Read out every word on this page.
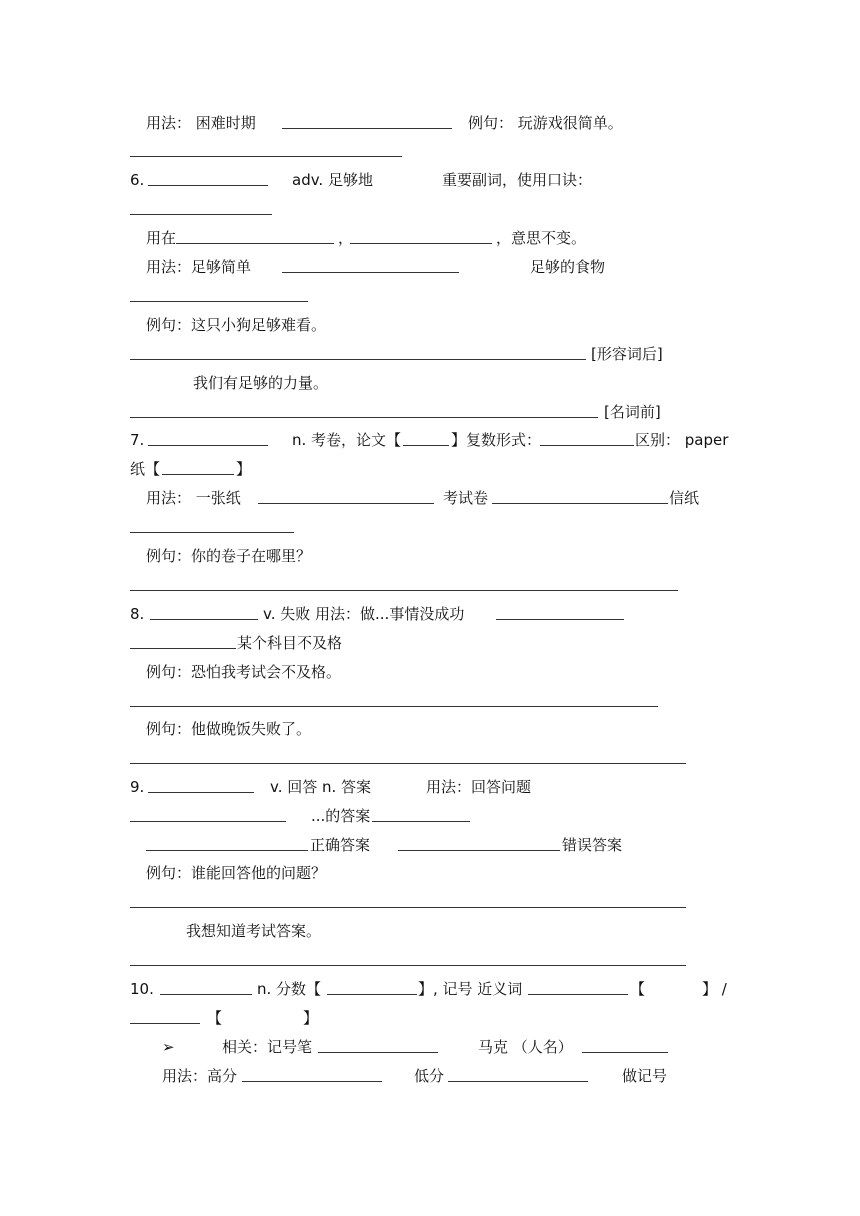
用法： 困难时期	例句： 玩游戏很简单。
6.	adv. 足够地	重要副词，使用口诀：
用在	，	，意思不变。
用法：足够简单	足够的食物
例句：这只小狗足够难看。
[形容词后]
我们有足够的力量。
[名词前]
7.	n. 考卷，论文【	】复数形式：	区别： paper
纸【	】
用法： 一张纸	考试卷	信纸
例句：你的卷子在哪里？
8.	v. 失败 用法：做...事情没成功
某个科目不及格
例句：恐怕我考试会不及格。
例句：他做晚饭失败了。
9.	v. 回答 n. 答案	用法：回答问题
...的答案
正确答案	错误答案
例句：谁能回答他的问题？
我想知道考试答案。
10.	n. 分数【	】, 记号 近义词	【	】 /
【	】
➢	相关：记号笔	马克 （人名）
用法：高分	低分	做记号
